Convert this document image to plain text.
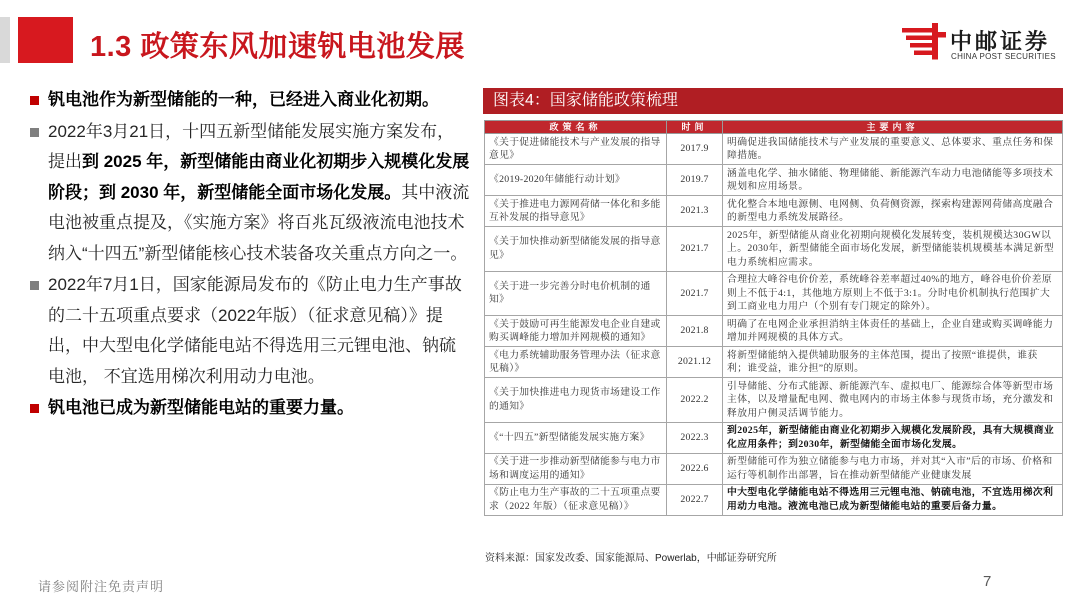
1.3 政策东风加速钒电池发展	中邮证券
CHINA POST SECURITIES
钒电池作为新型储能的一种，已经进入商业化初期。
2022年3月21日，十四五新型储能发展实施方案发布，提出到 2025 年，新型储能由商业化初期步入规模化发展阶段；到 2030 年，新型储能全面市场化发展。其中液流电池被重点提及，《实施方案》将百兆瓦级液流电池技术纳入“十四五”新型储能核心技术装备攻关重点方向之一。
2022年7月1日，国家能源局发布的《防止电力生产事故的二十五项重点要求（2022年版）（征求意见稿）》提出，中大型电化学储能电站不得选用三元锂电池、钠硫电池， 不宜选用梯次利用动力电池。
钒电池已成为新型储能电站的重要力量。
图表4：国家储能政策梳理
政策名称	时间	主要内容
《关于促进储能技术与产业发展的指导意见》	2017.9	明确促进我国储能技术与产业发展的重要意义、总体要求、重点任务和保障措施。
《2019-2020年储能行动计划》	2019.7	涵盖电化学、抽水储能、物理储能、新能源汽车动力电池储能等多项技术规划和应用场景。
《关于推进电力源网荷储一体化和多能互补发展的指导意见》	2021.3	优化整合本地电源侧、电网侧、负荷侧资源，探索构建源网荷储高度融合的新型电力系统发展路径。
《关于加快推动新型储能发展的指导意见》	2021.7	2025年，新型储能从商业化初期向规模化发展转变，装机规模达30GW以上。2030年，新型储能全面市场化发展，新型储能装机规模基本满足新型电力系统相应需求。
《关于进一步完善分时电价机制的通知》	2021.7	合理拉大峰谷电价价差，系统峰谷差率超过40%的地方，峰谷电价价差原则上不低于4:1，其他地方原则上不低于3:1。分时电价机制执行范围扩大到工商业电力用户（个别有专门规定的除外）。
《关于鼓励可再生能源发电企业自建或购买调峰能力增加并网规模的通知》	2021.8	明确了在电网企业承担消纳主体责任的基础上，企业自建或购买调峰能力增加并网规模的具体方式。
《电力系统辅助服务管理办法（征求意见稿）》	2021.12	将新型储能纳入提供辅助服务的主体范围，提出了按照“谁提供，谁获利；谁受益，谁分担”的原则。
《关于加快推进电力现货市场建设工作的通知》	2022.2	引导储能、分布式能源、新能源汽车、虚拟电厂、能源综合体等新型市场主体，以及增量配电网、微电网内的市场主体参与现货市场，充分激发和释放用户侧灵活调节能力。
《“十四五”新型储能发展实施方案》	2022.3	到2025年，新型储能由商业化初期步入规模化发展阶段，具有大规模商业化应用条件；到2030年，新型储能全面市场化发展。
《关于进一步推动新型储能参与电力市场和调度运用的通知》	2022.6	新型储能可作为独立储能参与电力市场，并对其“入市”后的市场、价格和运行等机制作出部署，旨在推动新型储能产业健康发展
《防止电力生产事故的二十五项重点要求（2022 年版）（征求意见稿）》	2022.7	中大型电化学储能电站不得选用三元锂电池、钠硫电池，不宜选用梯次利用动力电池。液流电池已成为新型储能电站的重要后备力量。
资料来源：国家发改委、国家能源局、Powerlab，中邮证券研究所
请参阅附注免责声明	7
